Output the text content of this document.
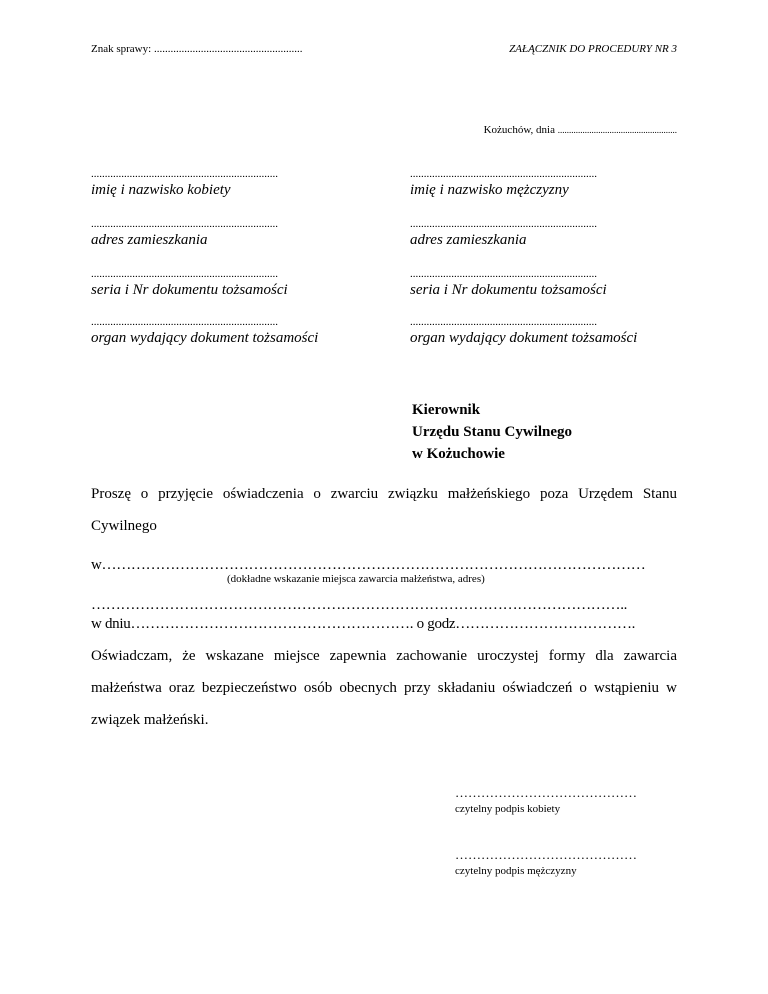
Znak sprawy: ......................................................	ZAŁĄCZNIK DO PROCEDURY NR 3
Kożuchów, dnia .....................................................
....................................................................
imię i nazwisko kobiety
....................................................................
adres zamieszkania
....................................................................
seria i Nr dokumentu tożsamości
....................................................................
organ wydający dokument tożsamości
....................................................................
imię i nazwisko mężczyzny
....................................................................
adres zamieszkania
....................................................................
seria i Nr dokumentu tożsamości
....................................................................
organ wydający dokument tożsamości
Kierownik
Urzędu Stanu Cywilnego
w Kożuchowie
Proszę o przyjęcie oświadczenia o zwarciu związku małżeńskiego poza Urzędem Stanu Cywilnego
w…………………………………………………………………………………………………
(dokładne wskazanie miejsca zawarcia małżeństwa, adres)
………………………………………………………………………………………………..
w dniu…………………………………………………. o godz……………………………….
Oświadczam, że wskazane miejsce zapewnia zachowanie uroczystej formy dla zawarcia małżeństwa oraz bezpieczeństwo osób obecnych przy składaniu oświadczeń o wstąpieniu w związek małżeński.
……………………………………
czytelny podpis kobiety
……………………………………
czytelny podpis mężczyzny
